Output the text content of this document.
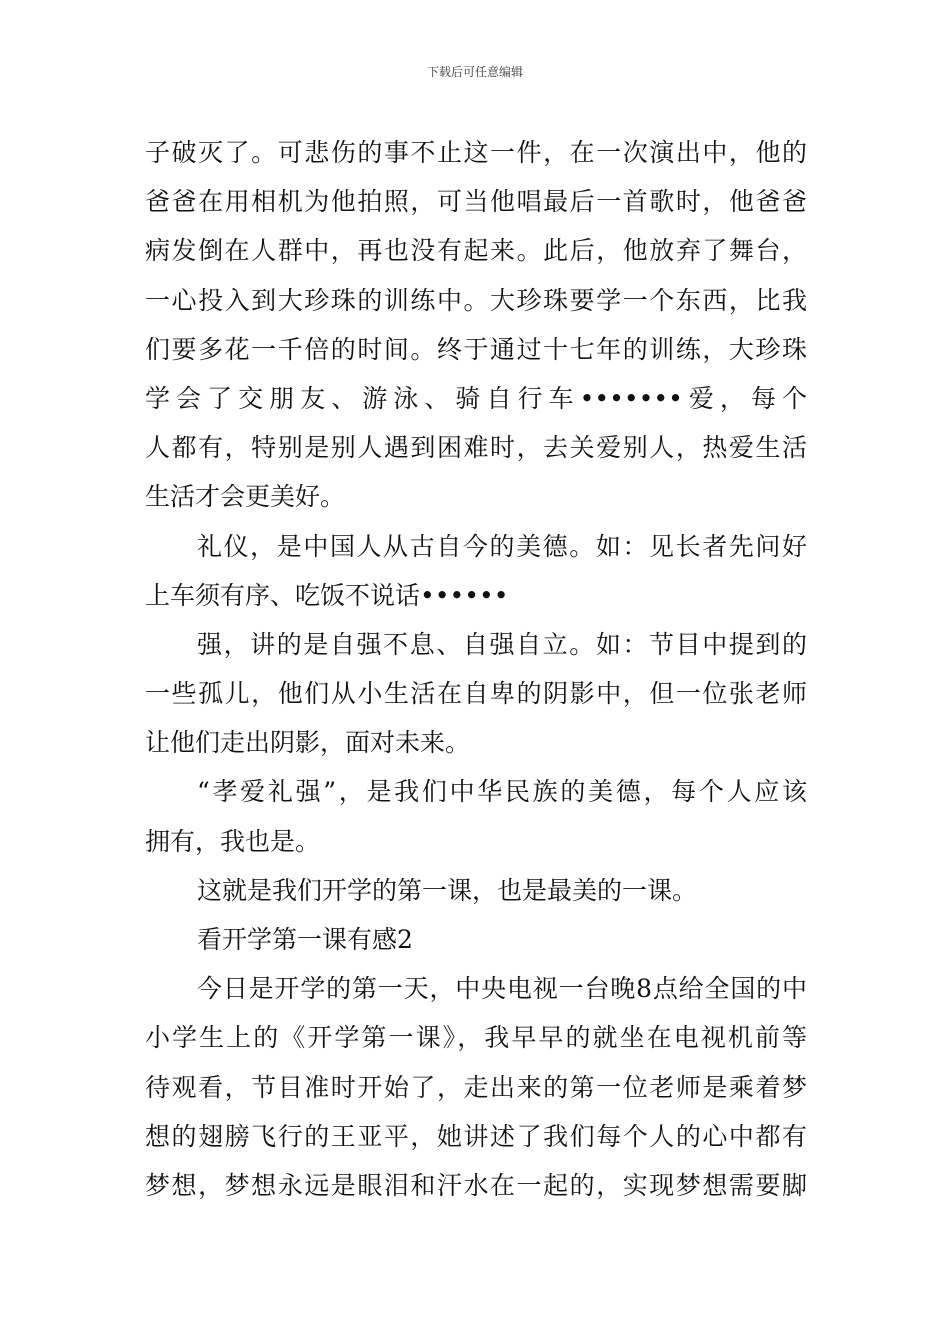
下载后可任意编辑
子破灭了。可悲伤的事不止这一件，在一次演出中，他的
爸爸在用相机为他拍照，可当他唱最后一首歌时，他爸爸
病发倒在人群中，再也没有起来。此后，他放弃了舞台，
一心投入到大珍珠的训练中。大珍珠要学一个东西，比我
们要多花一千倍的时间。终于通过十七年的训练，大珍珠
学会了交朋友、游泳、骑自行车•••••••爱，每个
人都有，特别是别人遇到困难时，去关爱别人，热爱生活
生活才会更美好。
礼仪，是中国人从古自今的美德。如：见长者先问好
上车须有序、吃饭不说话••••••
强，讲的是自强不息、自强自立。如：节目中提到的
一些孤儿，他们从小生活在自卑的阴影中，但一位张老师
让他们走出阴影，面对未来。
“孝爱礼强”，是我们中华民族的美德，每个人应该
拥有，我也是。
这就是我们开学的第一课，也是最美的一课。
看开学第一课有感2
今日是开学的第一天，中央电视一台晚8点给全国的中
小学生上的《开学第一课》，我早早的就坐在电视机前等
待观看，节目准时开始了，走出来的第一位老师是乘着梦
想的翅膀飞行的王亚平，她讲述了我们每个人的心中都有
梦想，梦想永远是眼泪和汗水在一起的，实现梦想需要脚
